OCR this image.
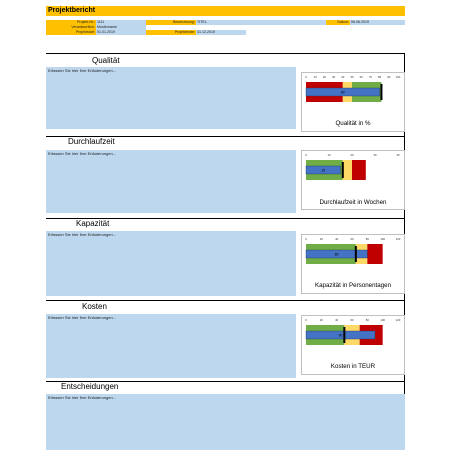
Projektbericht
Projekt-Nr.: 1111	Bezeichnung: TITEL	Datum: 06.06.2019
Verantwortlich: Mustername
Projektstart: 01.01.2019	Projektende: 31.12.2019
Qualität
Erfassen Sie hier Ihre Erläuterungen...
0 10 20 30 40 50 60 70 80 90 100
80
Qualität in %
Durchlaufzeit
Erfassen Sie hier Ihre Erläuterungen...	0	10	20	30	40
15
Durchlaufzeit in Wochen
Kapazität
Erfassen Sie hier Ihre Erläuterungen...
0	20	40	60	80	100	120
80
Kapazität in Personentagen
Kosten
Erfassen Sie hier Ihre Erläuterungen...	0	20	40	60	80	100	120
90
Kosten in TEUR
Entscheidungen
Erfassen Sie hier Ihre Erläuterungen...
